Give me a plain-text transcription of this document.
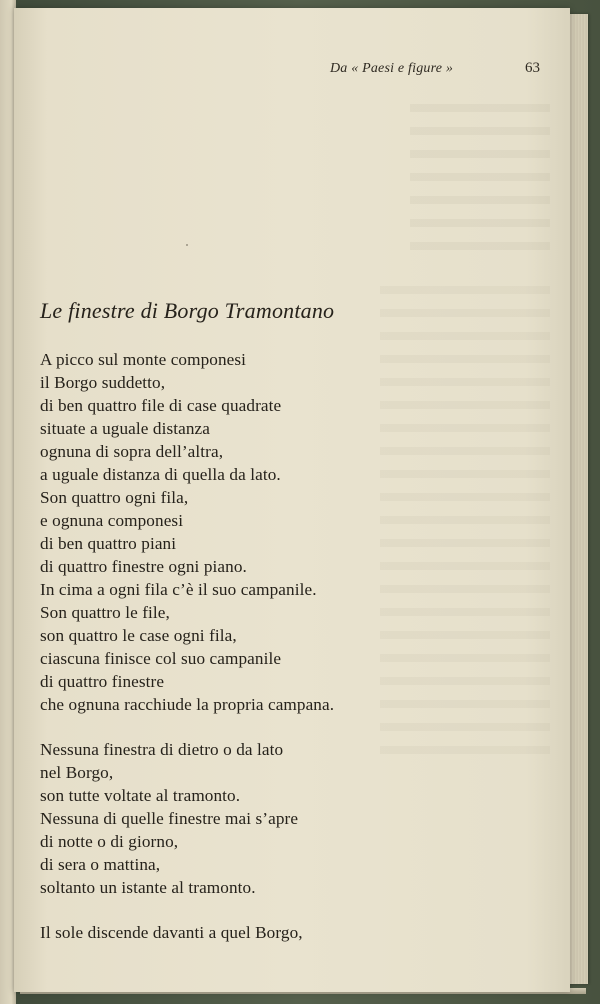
Da « Paesi e figure »	63
Le finestre di Borgo Tramontano
A picco sul monte componesi
il Borgo suddetto,
di ben quattro file di case quadrate
situate a uguale distanza
ognuna di sopra dell’altra,
a uguale distanza di quella da lato.
Son quattro ogni fila,
e ognuna componesi
di ben quattro piani
di quattro finestre ogni piano.
In cima a ogni fila c’è il suo campanile.
Son quattro le file,
son quattro le case ogni fila,
ciascuna finisce col suo campanile
di quattro finestre
che ognuna racchiude la propria campana.
Nessuna finestra di dietro o da lato
nel Borgo,
son tutte voltate al tramonto.
Nessuna di quelle finestre mai s’apre
di notte o di giorno,
di sera o mattina,
soltanto un istante al tramonto.
Il sole discende davanti a quel Borgo,
